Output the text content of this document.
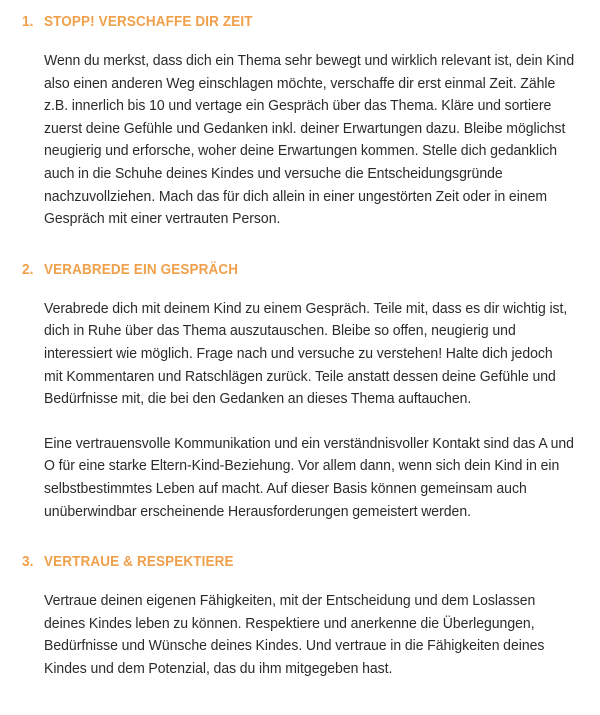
1. STOPP! VERSCHAFFE DIR ZEIT

Wenn du merkst, dass dich ein Thema sehr bewegt und wirklich relevant ist, dein Kind also einen anderen Weg einschlagen möchte, verschaffe dir erst einmal Zeit. Zähle z.B. innerlich bis 10 und vertage ein Gespräch über das Thema. Kläre und sortiere zuerst deine Gefühle und Gedanken inkl. deiner Erwartungen dazu. Bleibe möglichst neugierig und erforsche, woher deine Erwartungen kommen. Stelle dich gedanklich auch in die Schuhe deines Kindes und versuche die Entscheidungsgründe nachzuvollziehen. Mach das für dich allein in einer ungestörten Zeit oder in einem Gespräch mit einer vertrauten Person.

2. VERABREDE EIN GESPRÄCH

Verabrede dich mit deinem Kind zu einem Gespräch. Teile mit, dass es dir wichtig ist, dich in Ruhe über das Thema auszutauschen. Bleibe so offen, neugierig und interessiert wie möglich. Frage nach und versuche zu verstehen! Halte dich jedoch mit Kommentaren und Ratschlägen zurück. Teile anstatt dessen deine Gefühle und Bedürfnisse mit, die bei den Gedanken an dieses Thema auftauchen.

Eine vertrauensvolle Kommunikation und ein verständnisvoller Kontakt sind das A und O für eine starke Eltern-Kind-Beziehung. Vor allem dann, wenn sich dein Kind in ein selbstbestimmtes Leben auf macht. Auf dieser Basis können gemeinsam auch unüberwindbar erscheinende Herausforderungen gemeistert werden.

3. VERTRAUE & RESPEKTIERE

Vertraue deinen eigenen Fähigkeiten, mit der Entscheidung und dem Loslassen deines Kindes leben zu können. Respektiere und anerkenne die Überlegungen, Bedürfnisse und Wünsche deines Kindes. Und vertraue in die Fähigkeiten deines Kindes und dem Potenzial, das du ihm mitgegeben hast.
